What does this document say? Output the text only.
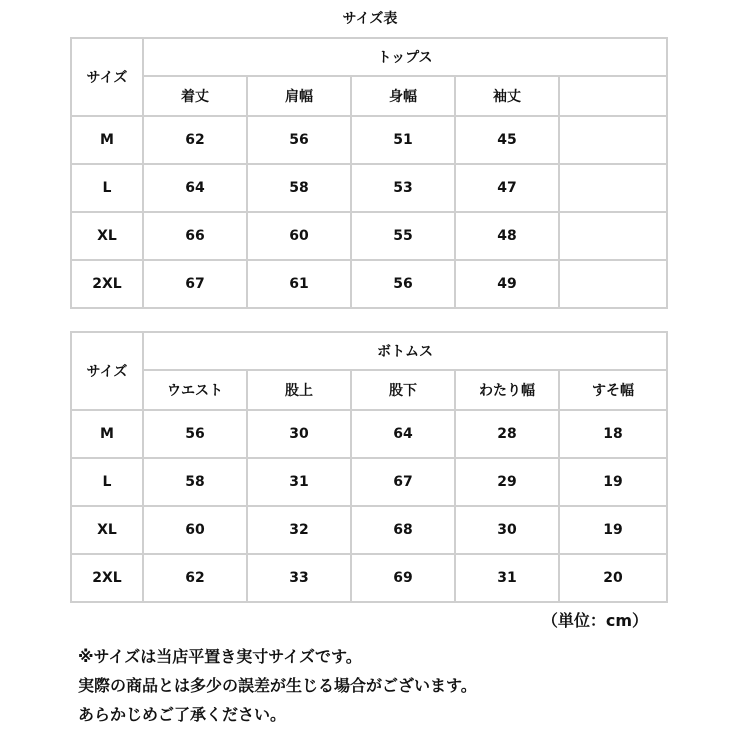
サイズ表
サイズ	トップス				
	着丈	肩幅	身幅	袖丈	
M	62	56	51	45	
L	64	58	53	47	
XL	66	60	55	48	
2XL	67	61	56	49	
サイズ	ボトムス				
	ウエスト	股上	股下	わたり幅	すそ幅
M	56	30	64	28	18
L	58	31	67	29	19
XL	60	32	68	30	19
2XL	62	33	69	31	20
（単位：cm）
※サイズは当店平置き実寸サイズです。
実際の商品とは多少の誤差が生じる場合がございます。
あらかじめご了承ください。
